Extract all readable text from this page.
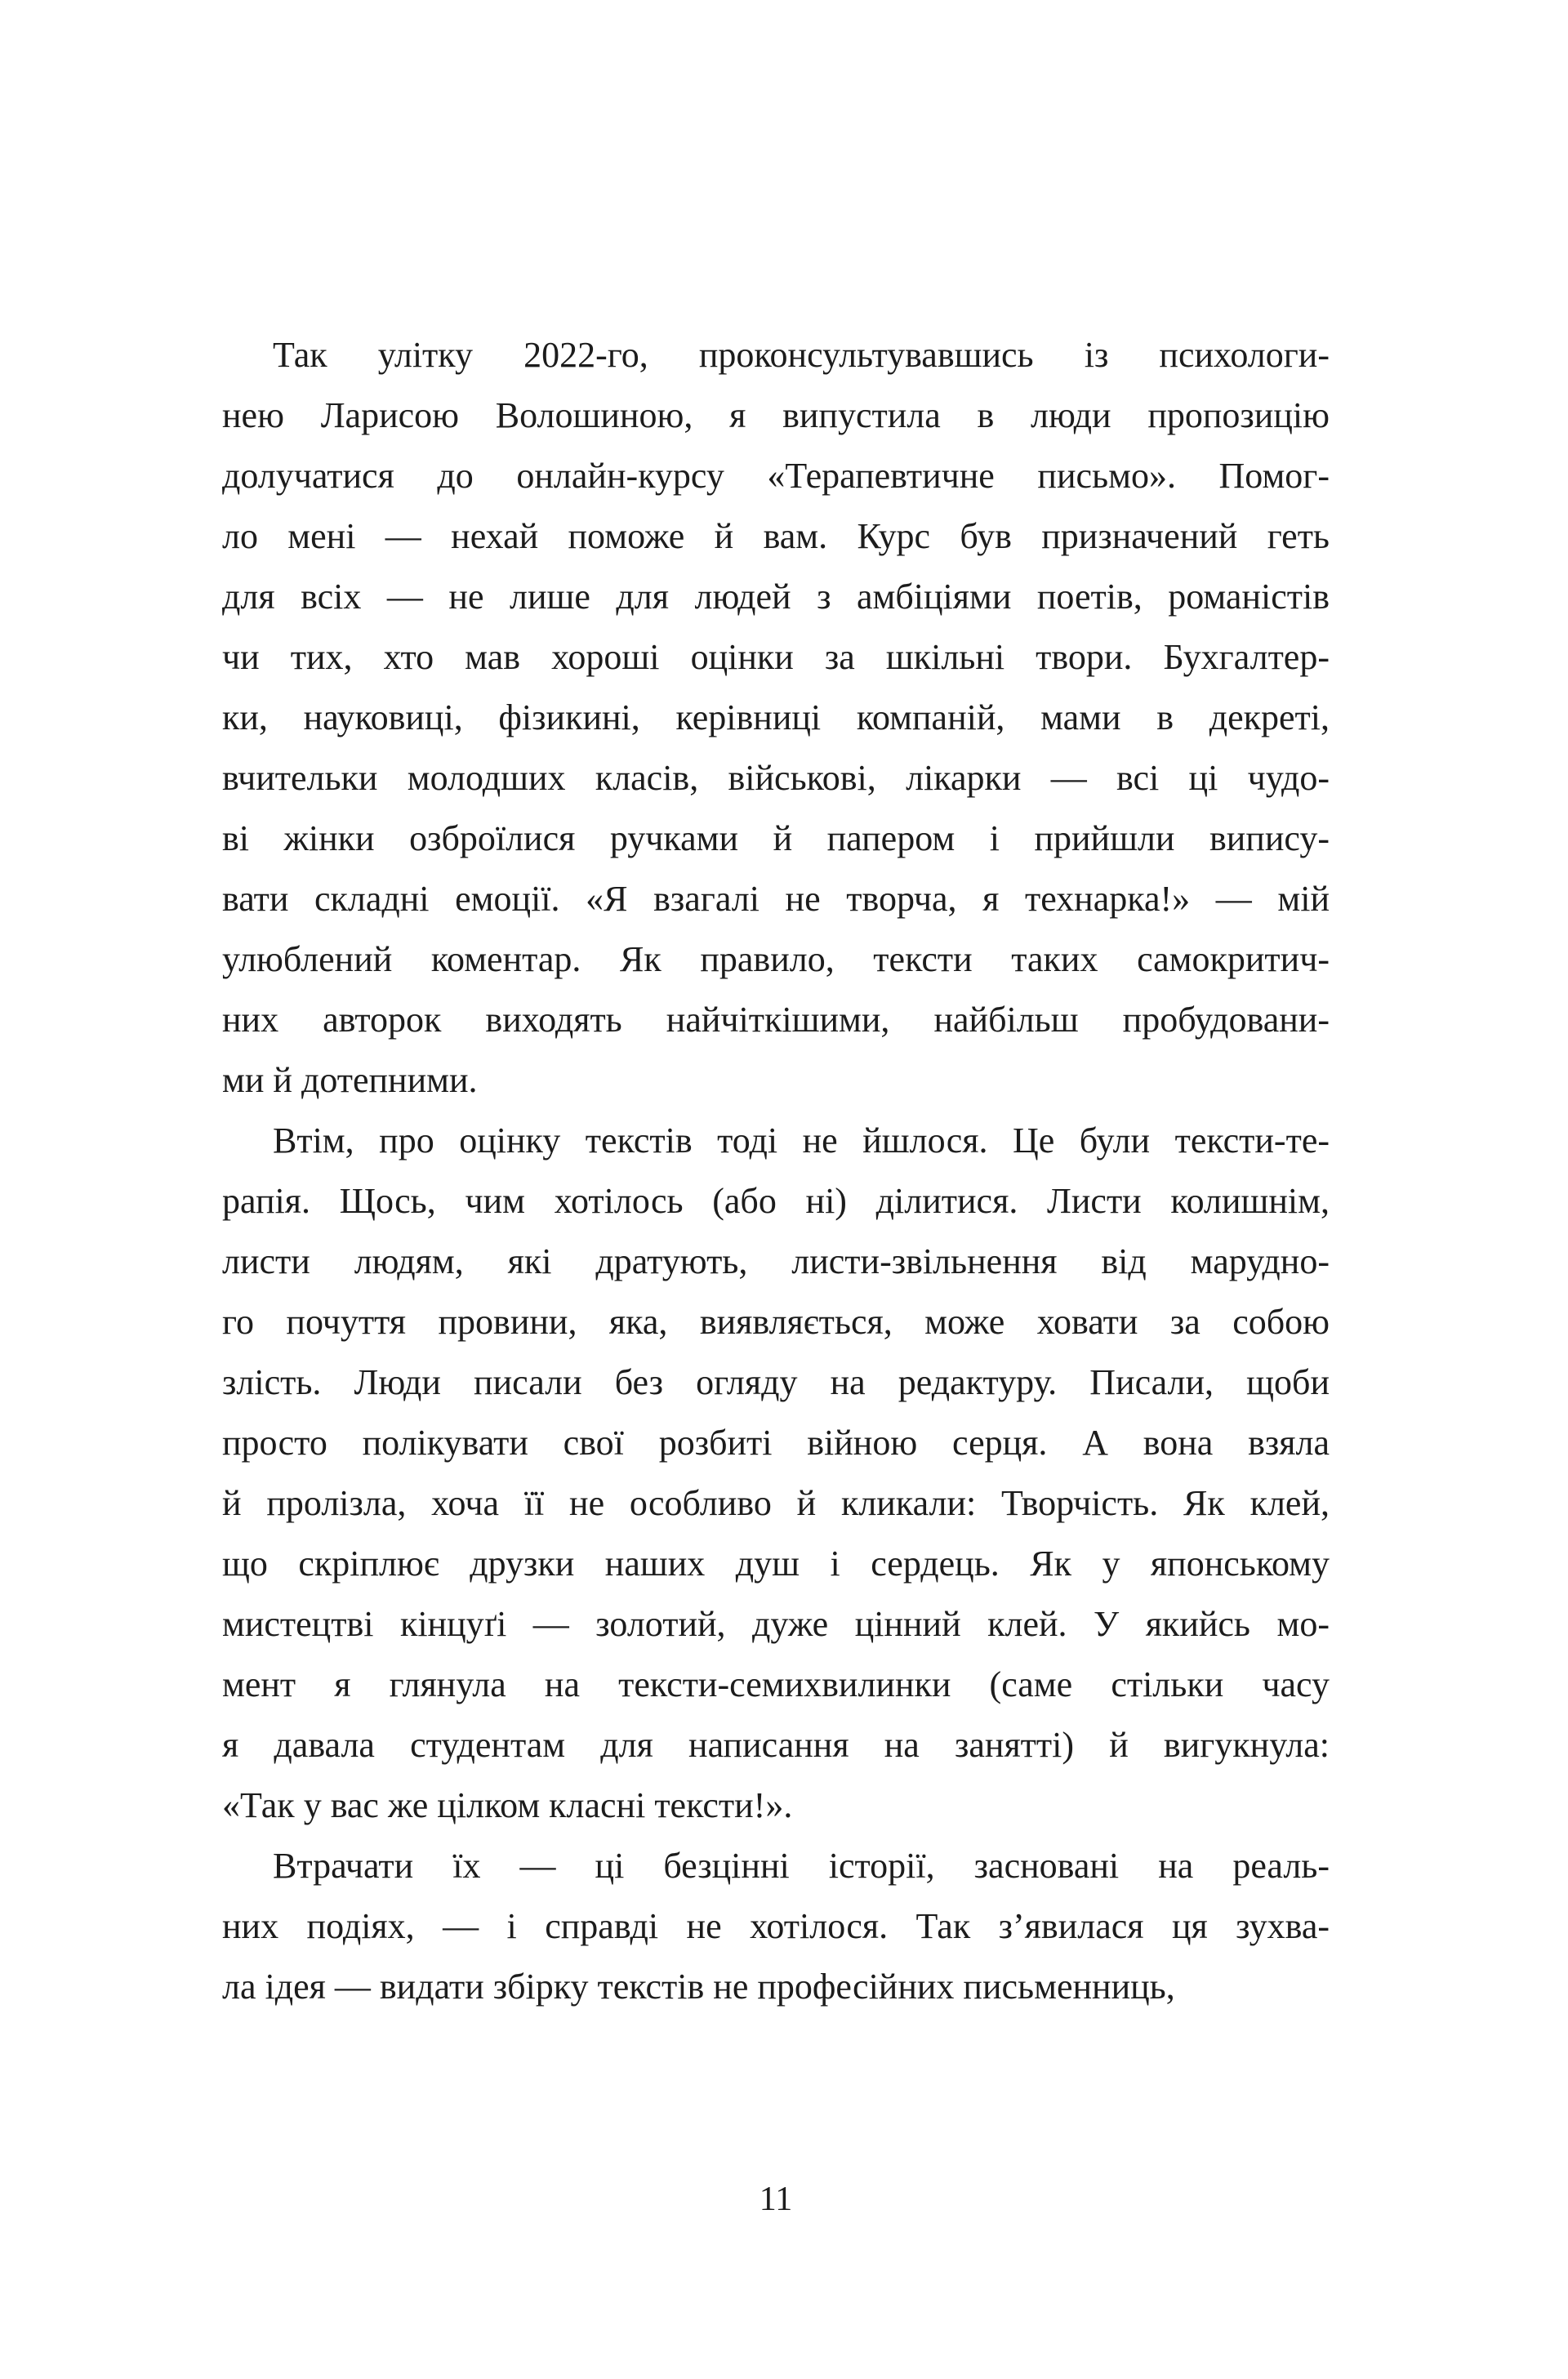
Так улітку 2022-го, проконсультувавшись із психологи-
нею Ларисою Волошиною, я випустила в люди пропозицію
долучатися до онлайн-курсу «Терапевтичне письмо». Помог-
ло мені — нехай поможе й вам. Курс був призначений геть
для всіх — не лише для людей з амбіціями поетів, романістів
чи тих, хто мав хороші оцінки за шкільні твори. Бухгалтер-
ки, науковиці, фізикині, керівниці компаній, мами в декреті,
вчительки молодших класів, військові, лікарки — всі ці чудо-
ві жінки озброїлися ручками й папером і прийшли випису-
вати складні емоції. «Я взагалі не творча, я технарка!» — мій
улюблений коментар. Як правило, тексти таких самокритич-
них авторок виходять найчіткішими, найбільш пробудовани-
ми й дотепними.
Втім, про оцінку текстів тоді не йшлося. Це були тексти-те-
рапія. Щось, чим хотілось (або ні) ділитися. Листи колишнім,
листи людям, які дратують, листи-звільнення від марудно-
го почуття провини, яка, виявляється, може ховати за собою
злість. Люди писали без огляду на редактуру. Писали, щоби
просто полікувати свої розбиті війною серця. А вона взяла
й пролізла, хоча її не особливо й кликали: Творчість. Як клей,
що скріплює друзки наших душ і сердець. Як у японському
мистецтві кінцуґі — золотий, дуже цінний клей. У якийсь мо-
мент я глянула на тексти-семихвилинки (саме стільки часу
я давала студентам для написання на занятті) й вигукнула:
«Так у вас же цілком класні тексти!».
Втрачати їх — ці безцінні історії, засновані на реаль-
них подіях, — і справді не хотілося. Так з’явилася ця зухва-
ла ідея — видати збірку текстів не професійних письменниць,
11
